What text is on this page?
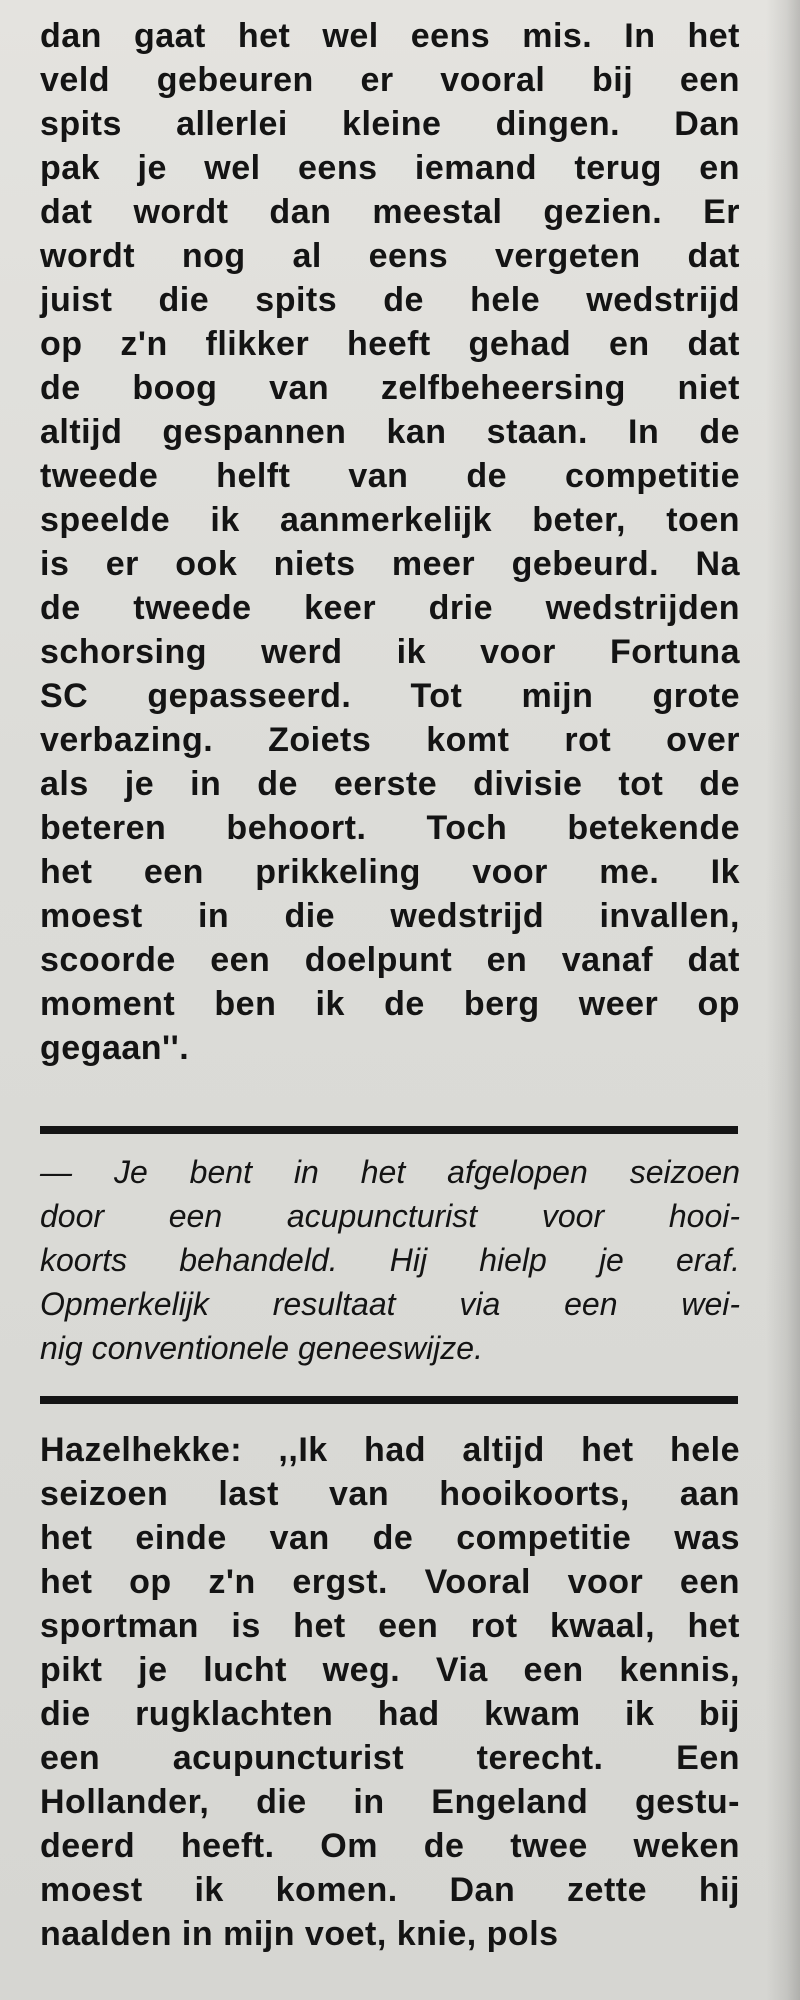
dan gaat het wel eens mis. In het
veld gebeuren er vooral bij een
spits allerlei kleine dingen. Dan
pak je wel eens iemand terug en
dat wordt dan meestal gezien. Er
wordt nog al eens vergeten dat
juist die spits de hele wedstrijd
op z'n flikker heeft gehad en dat
de boog van zelfbeheersing niet
altijd gespannen kan staan. In de
tweede helft van de competitie
speelde ik aanmerkelijk beter, toen
is er ook niets meer gebeurd. Na
de tweede keer drie wedstrijden
schorsing werd ik voor Fortuna
SC gepasseerd. Tot mijn grote
verbazing. Zoiets komt rot over
als je in de eerste divisie tot de
beteren behoort. Toch betekende
het een prikkeling voor me. Ik
moest in die wedstrijd invallen,
scoorde een doelpunt en vanaf dat
moment ben ik de berg weer op
gegaan''.
— Je bent in het afgelopen seizoen
door een acupuncturist voor hooi-
koorts behandeld. Hij hielp je eraf.
Opmerkelijk resultaat via een wei-
nig conventionele geneeswijze.
Hazelhekke: ,,Ik had altijd het hele
seizoen last van hooikoorts, aan
het einde van de competitie was
het op z'n ergst. Vooral voor een
sportman is het een rot kwaal, het
pikt je lucht weg. Via een kennis,
die rugklachten had kwam ik bij
een acupuncturist terecht. Een
Hollander, die in Engeland gestu-
deerd heeft. Om de twee weken
moest ik komen. Dan zette hij
naalden in mijn voet, knie, pols
